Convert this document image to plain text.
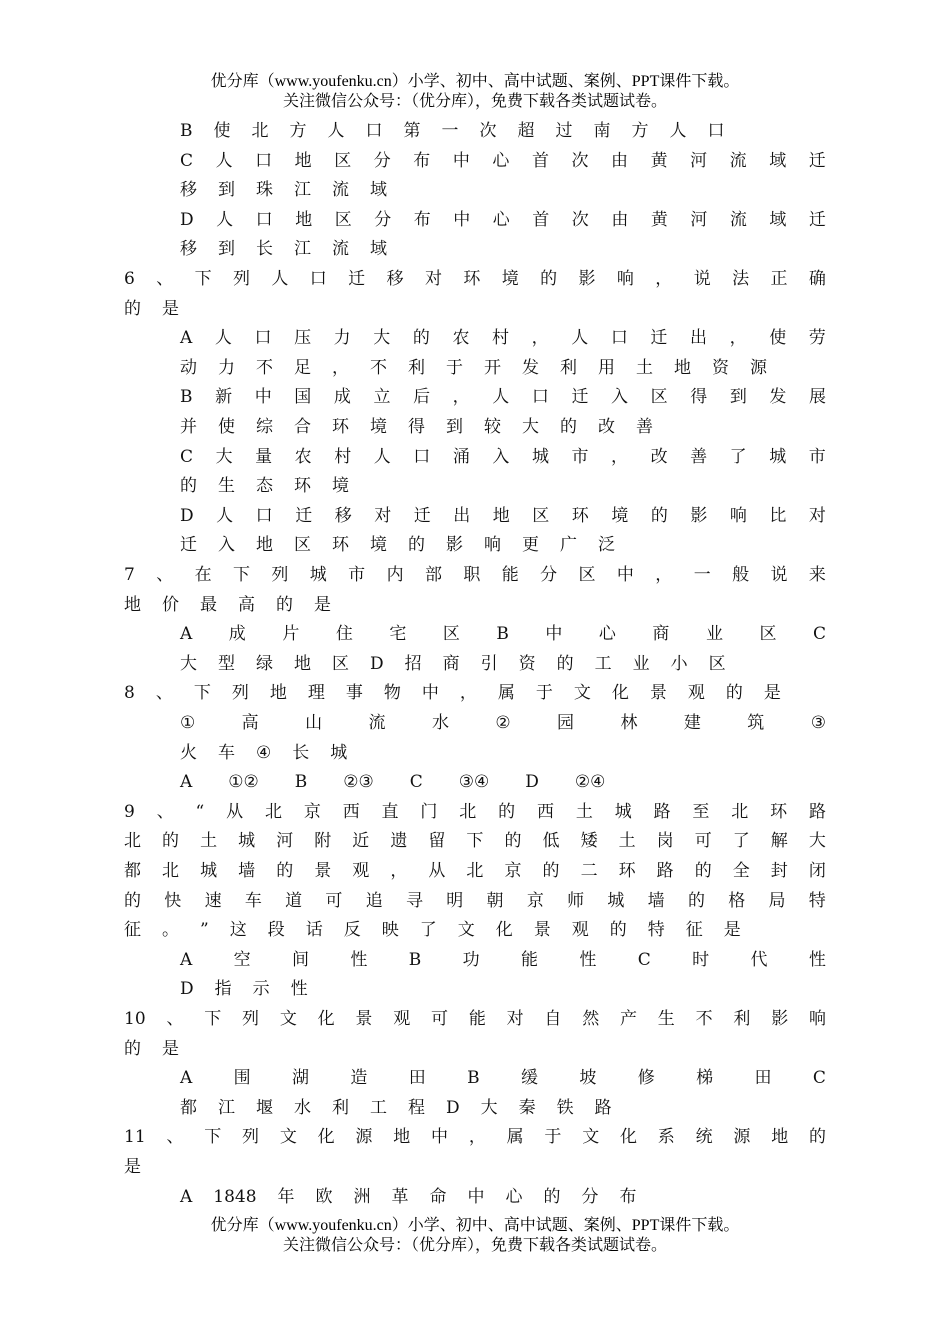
优分库（www.youfenku.cn）小学、初中、高中试题、案例、PPT课件下载。
关注微信公众号：（优分库），免费下载各类试题试卷。
B 使 北 方 人 口 第 一 次 超 过 南 方 人 口
C 人 口 地 区 分 布 中 心 首 次 由 黄 河 流 域 迁
移 到 珠 江 流 域
D 人 口 地 区 分 布 中 心 首 次 由 黄 河 流 域 迁
移 到 长 江 流 域
6 、 下 列 人 口 迁 移 对 环 境 的 影 响 ， 说 法 正 确
的 是
A 人 口 压 力 大 的 农 村 ， 人 口 迁 出 ， 使 劳
动 力 不 足 ， 不 利 于 开 发 利 用 土 地 资 源
B 新 中 国 成 立 后 ， 人 口 迁 入 区 得 到 发 展
并 使 综 合 环 境 得 到 较 大 的 改 善
C 大 量 农 村 人 口 涌 入 城 市 ， 改 善 了 城 市
的 生 态 环 境
D 人 口 迁 移 对 迁 出 地 区 环 境 的 影 响 比 对
迁 入 地 区 环 境 的 影 响 更 广 泛
7 、 在 下 列 城 市 内 部 职 能 分 区 中 ， 一 般 说 来
地 价 最 高 的 是
A 成 片 住 宅 区 B 中 心 商 业 区 C
大 型 绿 地 区 D 招 商 引 资 的 工 业 小 区
8 、 下 列 地 理 事 物 中 ， 属 于 文 化 景 观 的 是
①	高	山	流	水	②	园	林	建	筑	③
火 车 ④ 长 城
A ①② B ②③ C ③④ D ②④
9 、 “ 从 北 京 西 直 门 北 的 西 土 城 路 至 北 环 路
北 的 土 城 河 附 近 遗 留 下 的 低 矮 土 岗 可 了 解 大
都 北 城 墙 的 景 观 ， 从 北 京 的 二 环 路 的 全 封 闭
的 快 速 车 道 可 追 寻 明 朝 京 师 城 墙 的 格 局 特
征 。 ” 这 段 话 反 映 了 文 化 景 观 的 特 征 是
A 空 间 性 B 功 能 性 C 时 代 性
D 指 示 性
10 、 下 列 文 化 景 观 可 能 对 自 然 产 生 不 利 影 响
的 是
A 围 湖 造 田 B 缓 坡 修 梯 田 C
都 江 堰 水 利 工 程 D 大 秦 铁 路
11 、 下 列 文 化 源 地 中 ， 属 于 文 化 系 统 源 地 的
是
A 1848 年 欧 洲 革 命 中 心 的 分 布
优分库（www.youfenku.cn）小学、初中、高中试题、案例、PPT课件下载。
关注微信公众号：（优分库），免费下载各类试题试卷。
